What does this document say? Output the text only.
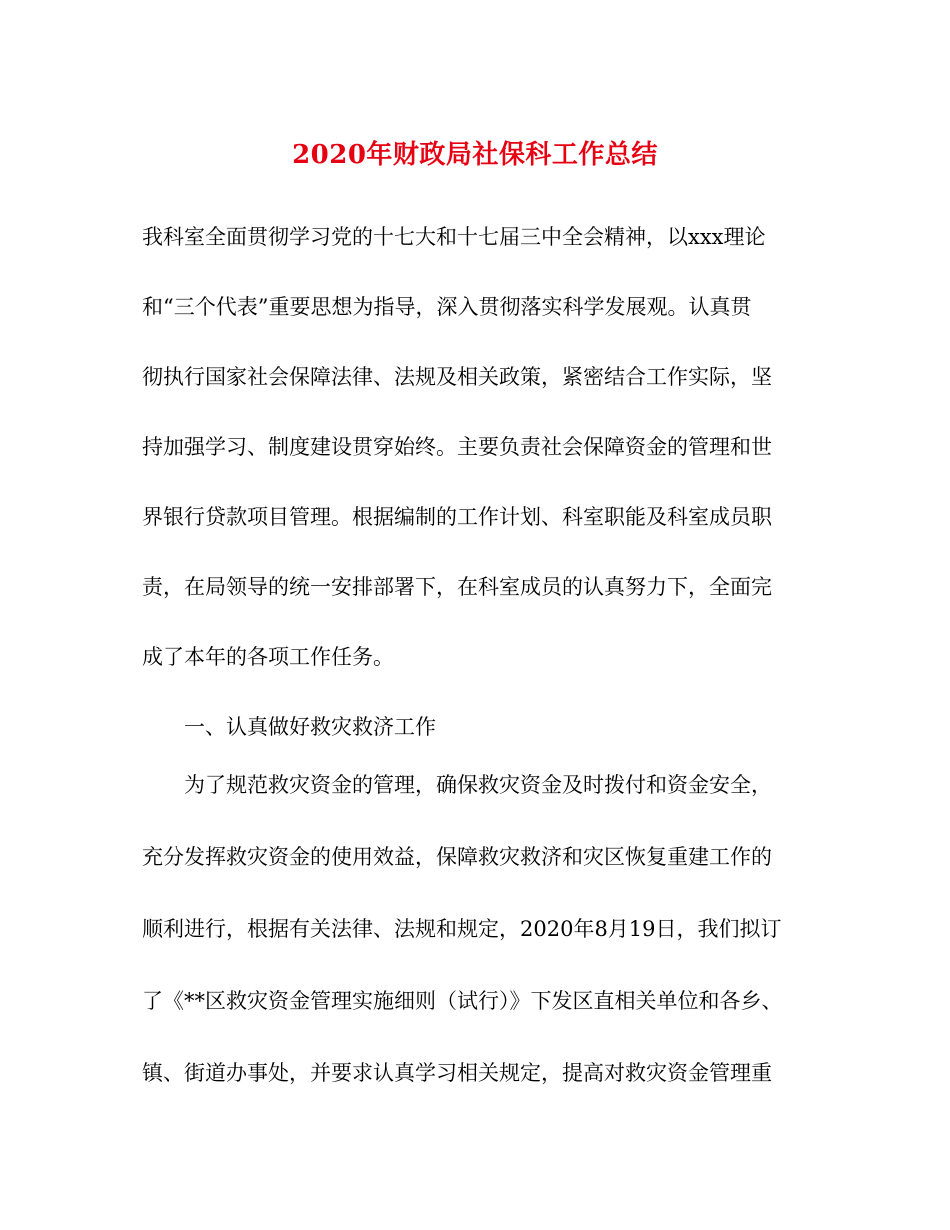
2020年财政局社保科工作总结
我科室全面贯彻学习党的十七大和十七届三中全会精神，以xxx理论
和“三个代表”重要思想为指导，深入贯彻落实科学发展观。认真贯
彻执行国家社会保障法律、法规及相关政策，紧密结合工作实际，坚
持加强学习、制度建设贯穿始终。主要负责社会保障资金的管理和世
界银行贷款项目管理。根据编制的工作计划、科室职能及科室成员职
责，在局领导的统一安排部署下，在科室成员的认真努力下，全面完
成了本年的各项工作任务。
一、认真做好救灾救济工作
为了规范救灾资金的管理，确保救灾资金及时拨付和资金安全，
充分发挥救灾资金的使用效益，保障救灾救济和灾区恢复重建工作的
顺利进行，根据有关法律、法规和规定，2020年8月19日，我们拟订
了《**区救灾资金管理实施细则（试行）》下发区直相关单位和各乡、
镇、街道办事处，并要求认真学习相关规定，提高对救灾资金管理重
